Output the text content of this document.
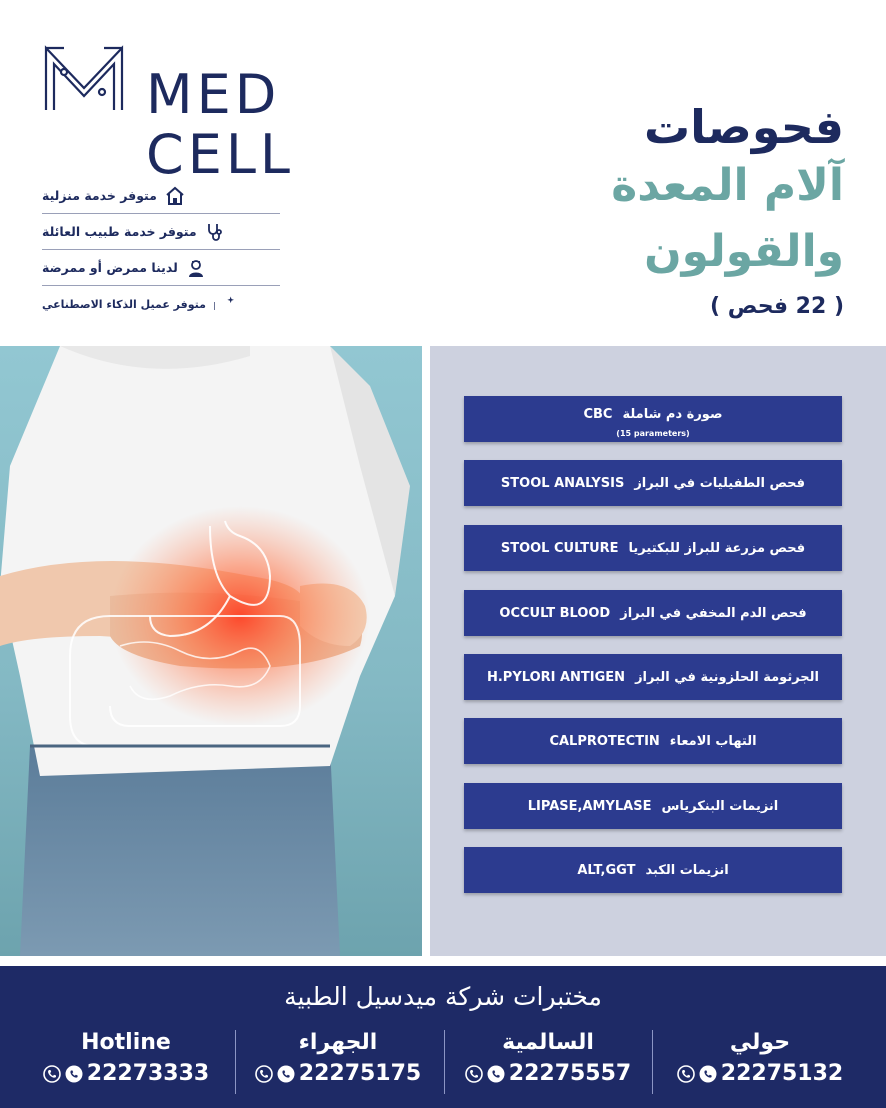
MED
CELL
متوفر خدمة منزلية
متوفر خدمة طبيب العائلة
لدينا ممرض أو ممرضة
متوفر عميل الذكاء الاصطناعي
فحوصات
آلام المعدة
والقولون
( 22 فحص )
CBC صورة دم شاملة
(15 parameters)
STOOL ANALYSIS فحص الطفيليات في البراز
STOOL CULTURE فحص مزرعة للبراز للبكتيريا
OCCULT BLOOD فحص الدم المخفي في البراز
H.PYLORI ANTIGEN الجرثومة الحلزونية في البراز
CALPROTECTIN التهاب الامعاء
LIPASE,AMYLASE انزيمات البنكرياس
ALT,GGT انزيمات الكبد
مختبرات شركة ميدسيل الطبية
Hotline
22273333
الجهراء
22275175
السالمية
22275557
حولي
22275132
